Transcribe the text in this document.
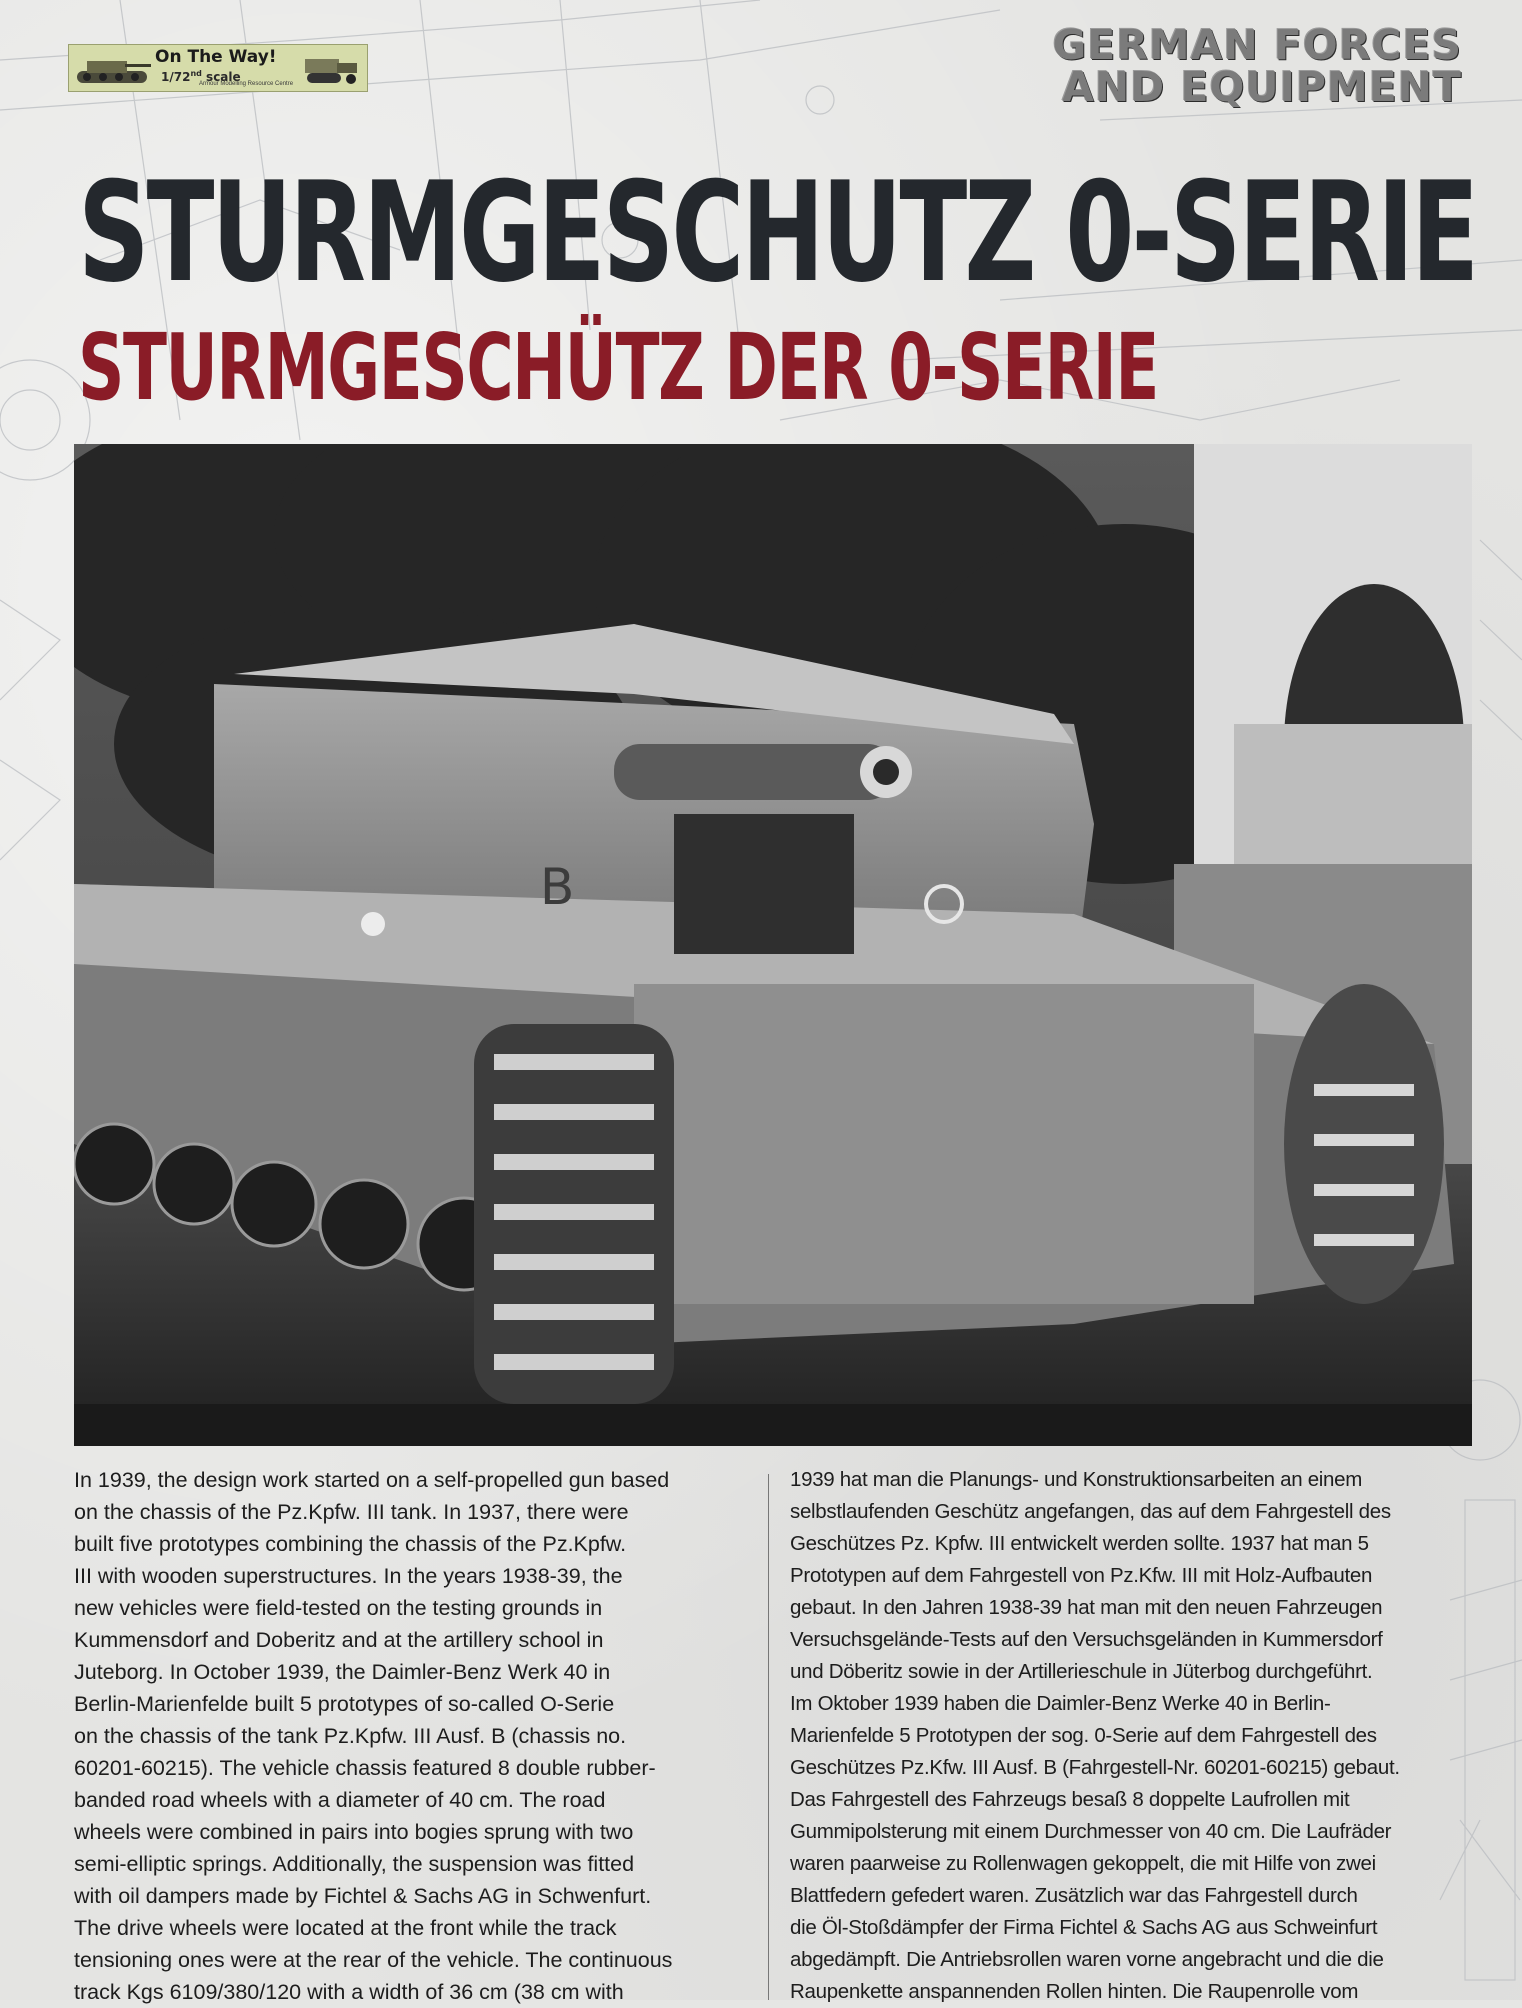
On The Way!
1/72nd scale
Armour Modelling Resource Centre
GERMAN FORCES
AND EQUIPMENT
STURMGESCHUTZ 0-SERIE
STURMGESCHÜTZ DER 0-SERIE
B
In 1939, the design work started on a self-propelled gun based
on the chassis of the Pz.Kpfw. III tank. In 1937, there were
built five prototypes combining the chassis of the Pz.Kpfw.
III with wooden superstructures. In the years 1938-39, the
new vehicles were field-tested on the testing grounds in
Kummensdorf and Doberitz and at the artillery school in
Juteborg. In October 1939, the Daimler-Benz Werk 40 in
Berlin-Marienfelde built 5 prototypes of so-called O-Serie
on the chassis of the tank Pz.Kpfw. III Ausf. B (chassis no.
60201-60215). The vehicle chassis featured 8 double rubber-
banded road wheels with a diameter of 40 cm. The road
wheels were combined in pairs into bogies sprung with two
semi-elliptic springs. Additionally, the suspension was fitted
with oil dampers made by Fichtel & Sachs AG in Schwenfurt.
The drive wheels were located at the front while the track
tensioning ones were at the rear of the vehicle. The continuous
track Kgs 6109/380/120 with a width of 36 cm (38 cm with
1939 hat man die Planungs- und Konstruktionsarbeiten an einem
selbstlaufenden Geschütz angefangen, das auf dem Fahrgestell des
Geschützes Pz. Kpfw. III entwickelt werden sollte. 1937 hat man 5
Prototypen auf dem Fahrgestell von Pz.Kfw. III mit Holz-Aufbauten
gebaut. In den Jahren 1938-39 hat man mit den neuen Fahrzeugen
Versuchsgelände-Tests auf den Versuchsgeländen in Kummersdorf
und Döberitz sowie in der Artillerieschule in Jüterbog durchgeführt.
Im Oktober 1939 haben die Daimler-Benz Werke 40 in Berlin-
Marienfelde 5 Prototypen der sog. 0-Serie auf dem Fahrgestell des
Geschützes Pz.Kfw. III Ausf. B (Fahrgestell-Nr. 60201-60215) gebaut.
Das Fahrgestell des Fahrzeugs besaß 8 doppelte Laufrollen mit
Gummipolsterung mit einem Durchmesser von 40 cm. Die Laufräder
waren paarweise zu Rollenwagen gekoppelt, die mit Hilfe von zwei
Blattfedern gefedert waren. Zusätzlich war das Fahrgestell durch
die Öl-Stoßdämpfer der Firma Fichtel & Sachs AG aus Schweinfurt
abgedämpft. Die Antriebsrollen waren vorne angebracht und die die
Raupenkette anspannenden Rollen hinten. Die Raupenrolle vom
